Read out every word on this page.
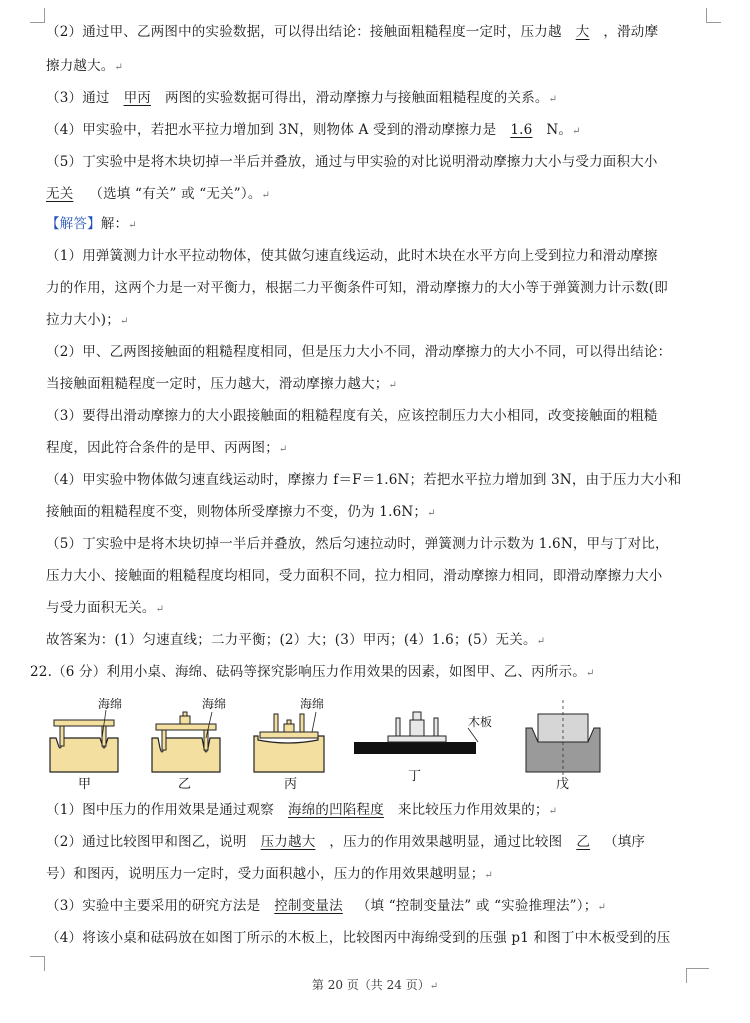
（2）通过甲、乙两图中的实验数据，可以得出结论：接触面粗糙程度一定时，压力越 大 ，滑动摩
擦力越大。↵
（3）通过 甲丙 两图的实验数据可得出，滑动摩擦力与接触面粗糙程度的关系。↵
（4）甲实验中，若把水平拉力增加到 3N，则物体 A 受到的滑动摩擦力是 1.6 N。↵
（5）丁实验中是将木块切掉一半后并叠放，通过与甲实验的对比说明滑动摩擦力大小与受力面积大小
无关 （选填 “有关” 或 “无关”）。↵
【解答】解：↵
（1）用弹簧测力计水平拉动物体，使其做匀速直线运动，此时木块在水平方向上受到拉力和滑动摩擦
力的作用，这两个力是一对平衡力，根据二力平衡条件可知，滑动摩擦力的大小等于弹簧测力计示数(即
拉力大小)；↵
（2）甲、乙两图接触面的粗糙程度相同，但是压力大小不同，滑动摩擦力的大小不同，可以得出结论：
当接触面粗糙程度一定时，压力越大，滑动摩擦力越大；↵
（3）要得出滑动摩擦力的大小跟接触面的粗糙程度有关，应该控制压力大小相同，改变接触面的粗糙
程度，因此符合条件的是甲、丙两图；↵
（4）甲实验中物体做匀速直线运动时，摩擦力 f＝F＝1.6N；若把水平拉力增加到 3N，由于压力大小和
接触面的粗糙程度不变，则物体所受摩擦力不变，仍为 1.6N；↵
（5）丁实验中是将木块切掉一半后并叠放，然后匀速拉动时，弹簧测力计示数为 1.6N，甲与丁对比，
压力大小、接触面的粗糙程度均相同，受力面积不同，拉力相同，滑动摩擦力相同，即滑动摩擦力大小
与受力面积无关。↵
故答案为：(1）匀速直线；二力平衡；(2）大；(3）甲丙；(4）1.6；(5）无关。↵
22.（6 分）利用小桌、海绵、砝码等探究影响压力作用效果的因素，如图甲、乙、丙所示。↵
海绵
甲
海绵
乙
海绵
丙
木板
丁
戊
（1）图中压力的作用效果是通过观察 海绵的凹陷程度 来比较压力作用效果的；↵
（2）通过比较图甲和图乙，说明 压力越大 ，压力的作用效果越明显，通过比较图 乙 （填序
号）和图丙，说明压力一定时，受力面积越小，压力的作用效果越明显；↵
（3）实验中主要采用的研究方法是 控制变量法 （填 “控制变量法” 或 “实验推理法”）；↵
（4）将该小桌和砝码放在如图丁所示的木板上，比较图丙中海绵受到的压强 p1 和图丁中木板受到的压
第 20 页（共 24 页）↵
